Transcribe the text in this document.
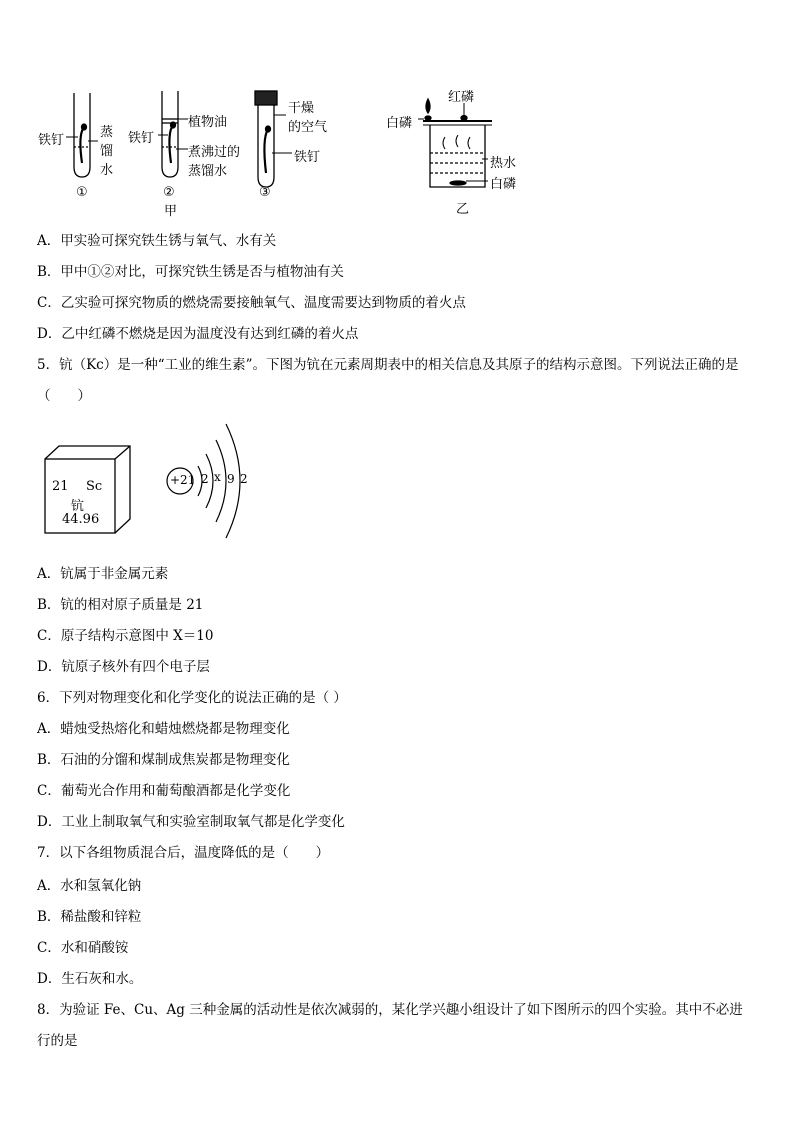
铁钉
蒸
馏
水
①
铁钉
植物油
煮沸过的
蒸馏水
②
甲
干燥
的空气
铁钉
③
白磷
红磷
热水
白磷
乙
A．甲实验可探究铁生锈与氧气、水有关
B．甲中①②对比，可探究铁生锈是否与植物油有关
C．乙实验可探究物质的燃烧需要接触氧气、温度需要达到物质的着火点
D．乙中红磷不燃烧是因为温度没有达到红磷的着火点
5．钪（Kc）是一种“工业的维生素”。下图为钪在元素周期表中的相关信息及其原子的结构示意图。下列说法正确的是
（　　）
21 Sc
钪
44.96
+21 2 x 9 2
A．钪属于非金属元素
B．钪的相对原子质量是 21
C．原子结构示意图中 X＝10
D．钪原子核外有四个电子层
6．下列对物理变化和化学变化的说法正确的是（ ）
A．蜡烛受热熔化和蜡烛燃烧都是物理变化
B．石油的分馏和煤制成焦炭都是物理变化
C．葡萄光合作用和葡萄酿酒都是化学变化
D．工业上制取氧气和实验室制取氧气都是化学变化
7．以下各组物质混合后，温度降低的是（　　）
A．水和氢氧化钠
B．稀盐酸和锌粒
C．水和硝酸铵
D．生石灰和水。
8．为验证 Fe、Cu、Ag 三种金属的活动性是依次减弱的，某化学兴趣小组设计了如下图所示的四个实验。其中不必进
行的是
